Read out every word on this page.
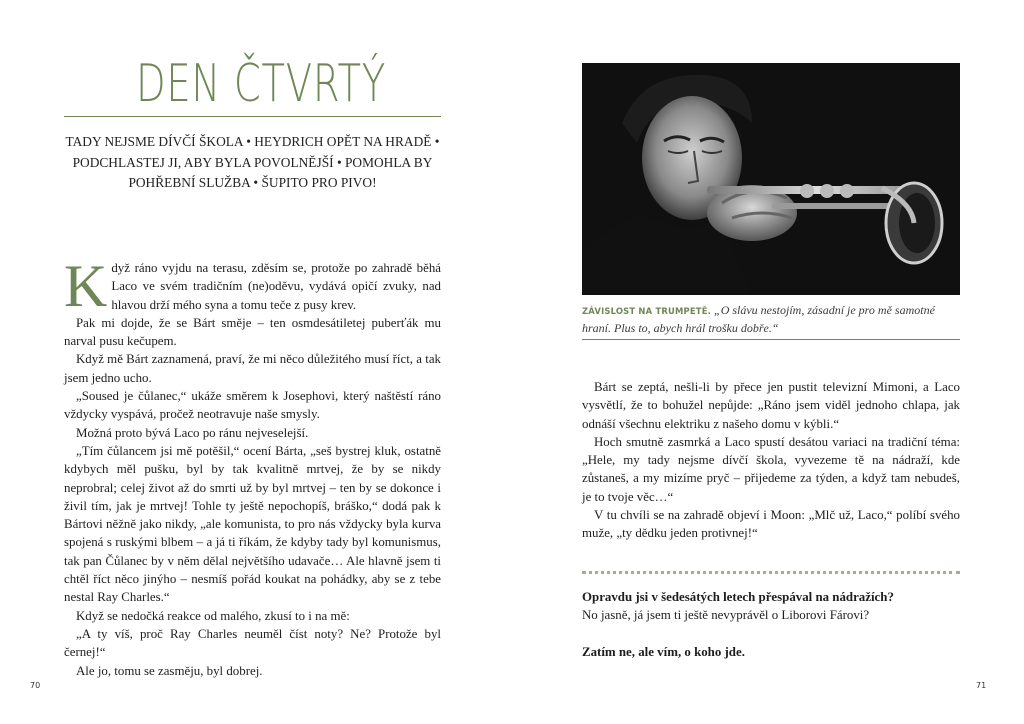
DEN ČTVRTÝ
TADY NEJSME DÍVČÍ ŠKOLA • HEYDRICH OPĚT NA HRADĚ • PODCHLASTEJ JI, ABY BYLA POVOLNĚJŠÍ • POMOHLA BY POHŘEBNÍ SLUŽBA • ŠUPITO PRO PIVO!

Když ráno vyjdu na terasu, zděsím se, protože po zahradě běhá Laco ve svém tradičním (ne)oděvu, vydává opičí zvuky, nad hlavou drží mého syna a tomu teče z pusy krev.

Pak mi dojde, že se Bárt směje – ten osmdesátiletej puberťák mu narval pusu kečupem.

Když mě Bárt zaznamená, praví, že mi něco důležitého musí říct, a tak jsem jedno ucho.

„Soused je čůlanec,“ ukáže směrem k Josephovi, který naštěstí ráno vždycky vyspává, pročež neotravuje naše smysly.

Možná proto bývá Laco po ránu nejveselejší.

„Tím čůlancem jsi mě potěšil,“ ocení Bárta, „seš bystrej kluk, ostatně kdybych měl pušku, byl by tak kvalitně mrtvej, že by se nikdy neprobral; celej život až do smrti už by byl mrtvej – ten by se dokonce i živil tím, jak je mrtvej! Tohle ty ještě nepochopíš, bráško,“ dodá pak k Bártovi něžně jako nikdy, „ale komunista, to pro nás vždycky byla kurva spojená s ruskými blbem – a já ti říkám, že kdyby tady byl komunismus, tak pan Čůlanec by v něm dělal největšího udavače… Ale hlavně jsem ti chtěl říct něco jinýho – nesmíš pořád koukat na pohádky, aby se z tebe nestal Ray Charles.“

Když se nedočká reakce od malého, zkusí to i na mě:

„A ty víš, proč Ray Charles neuměl číst noty? Ne? Protože byl černej!“

Ale jo, tomu se zasměju, byl dobrej.

70
ZÁVISLOST NA TRUMPETĚ. „O slávu nestojím, zásadní je pro mě samotné hraní. Plus to, abych hrál trošku dobře.“

Bárt se zeptá, nešli-li by přece jen pustit televizní Mimoni, a Laco vysvětlí, že to bohužel nepůjde: „Ráno jsem viděl jednoho chlapa, jak odnáší všechnu elektriku z našeho domu v kýbli.“

Hoch smutně zasmrká a Laco spustí desátou variaci na tradiční téma: „Hele, my tady nejsme dívčí škola, vyvezeme tě na nádraží, kde zůstaneš, a my mizíme pryč – přijedeme za týden, a když tam nebudeš, je to tvoje věc…“

V tu chvíli se na zahradě objeví i Moon: „Mlč už, Laco,“ políbí svého muže, „ty dědku jeden protivnej!“

Opravdu jsi v šedesátých letech přespával na nádražích?

No jasně, já jsem ti ještě nevyprávěl o Liborovi Fárovi?

Zatím ne, ale vím, o koho jde.

71
